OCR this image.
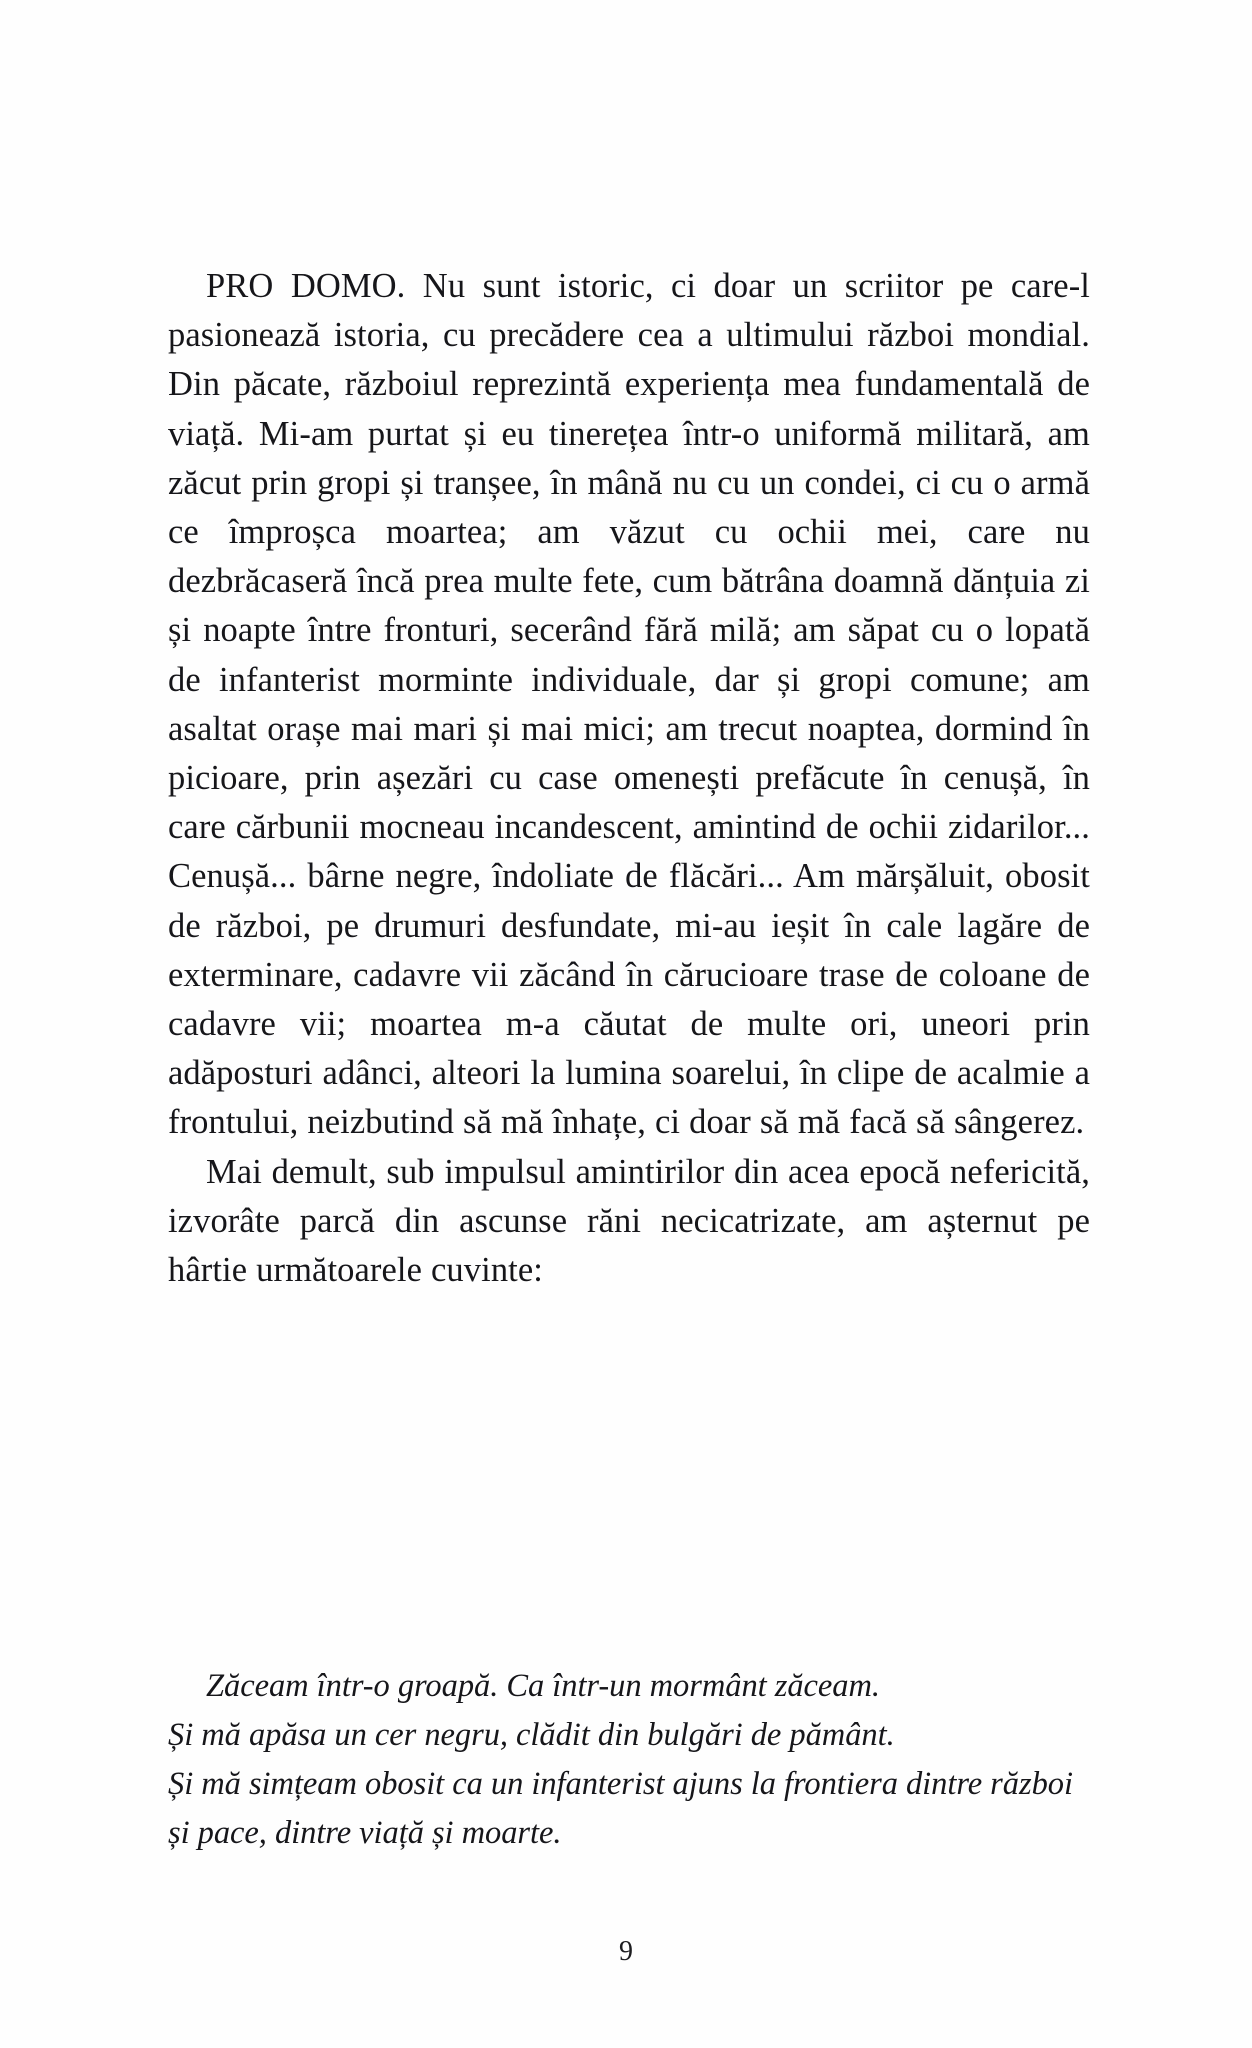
PRO DOMO. Nu sunt istoric, ci doar un scriitor pe care-l pasionează istoria, cu precădere cea a ultimului război mondial. Din păcate, războiul reprezintă experiența mea fundamentală de viață. Mi-am purtat și eu tinerețea într-o uniformă militară, am zăcut prin gropi și tranșee, în mână nu cu un condei, ci cu o armă ce împroșca moartea; am văzut cu ochii mei, care nu dezbrăcaseră încă prea multe fete, cum bătrâna doamnă dănțuia zi și noapte între fronturi, secerând fără milă; am săpat cu o lopată de infanterist morminte individuale, dar și gropi comune; am asaltat orașe mai mari și mai mici; am trecut noaptea, dormind în picioare, prin așezări cu case omenești prefăcute în cenușă, în care cărbunii mocneau incandescent, amintind de ochii zidarilor... Cenușă... bârne negre, îndoliate de flăcări... Am mărșăluit, obosit de război, pe drumuri desfundate, mi-au ieșit în cale lagăre de exterminare, cadavre vii zăcând în cărucioare trase de coloane de cadavre vii; moartea m-a căutat de multe ori, uneori prin adăposturi adânci, alteori la lumina soarelui, în clipe de acalmie a frontului, neizbutind să mă înhațe, ci doar să mă facă să sângerez.

Mai demult, sub impulsul amintirilor din acea epocă nefericită, izvorâte parcă din ascunse răni necicatrizate, am așternut pe hârtie următoarele cuvinte:

Zăceam într-o groapă. Ca într-un mormânt zăceam.

Și mă apăsa un cer negru, clădit din bulgări de pământ.

Și mă simțeam obosit ca un infanterist ajuns la frontiera dintre război și pace, dintre viață și moarte.

9
